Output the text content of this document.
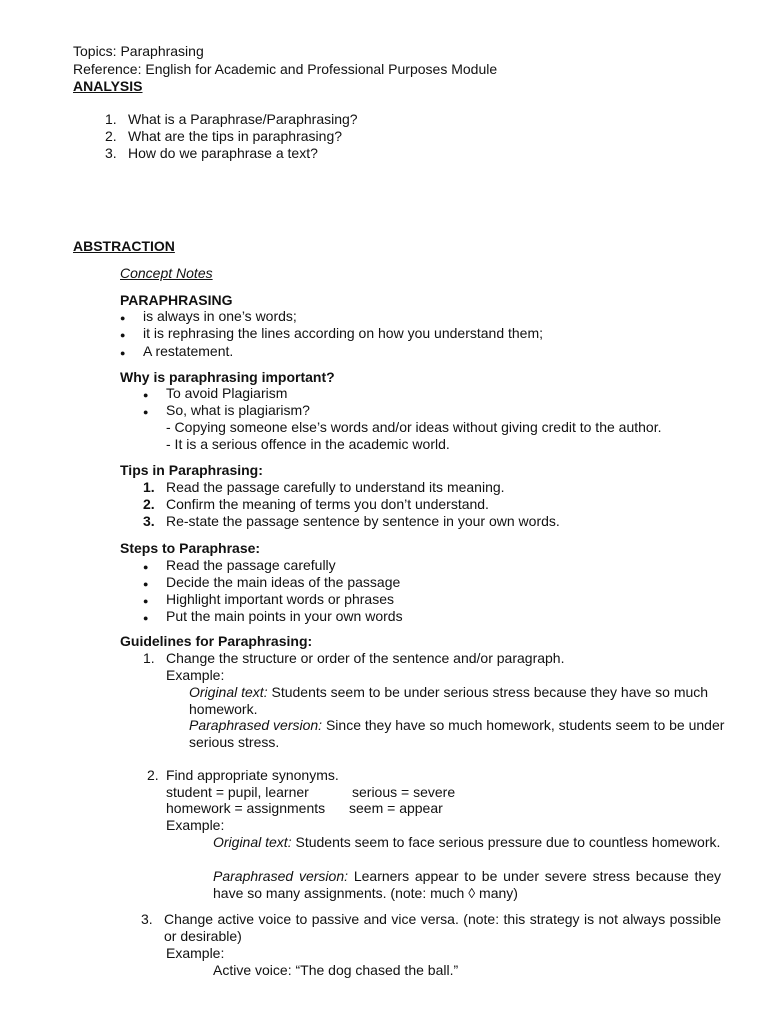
Topics: Paraphrasing
Reference: English for Academic and Professional Purposes Module
ANALYSIS
1. What is a Paraphrase/Paraphrasing?
2. What are the tips in paraphrasing?
3. How do we paraphrase a text?
ABSTRACTION
Concept Notes
PARAPHRASING
● is always in one’s words;
● it is rephrasing the lines according on how you understand them;
● A restatement.
Why is paraphrasing important?
● To avoid Plagiarism
● So, what is plagiarism?
- Copying someone else’s words and/or ideas without giving credit to the author.
- It is a serious offence in the academic world.
Tips in Paraphrasing:
1. Read the passage carefully to understand its meaning.
2. Confirm the meaning of terms you don’t understand.
3. Re-state the passage sentence by sentence in your own words.
Steps to Paraphrase:
● Read the passage carefully
● Decide the main ideas of the passage
● Highlight important words or phrases
● Put the main points in your own words
Guidelines for Paraphrasing:
1. Change the structure or order of the sentence and/or paragraph.
Example:
Original text: Students seem to be under serious stress because they have so much homework.
Paraphrased version: Since they have so much homework, students seem to be under serious stress.
2. Find appropriate synonyms.
student = pupil, learner	serious = severe
homework = assignments seem = appear
Example:
Original text: Students seem to face serious pressure due to countless homework.
Paraphrased version: Learners appear to be under severe stress because they have so many assignments. (note: much ◊ many)
3. Change active voice to passive and vice versa. (note: this strategy is not always possible or desirable)
Example:
Active voice: “The dog chased the ball.”
